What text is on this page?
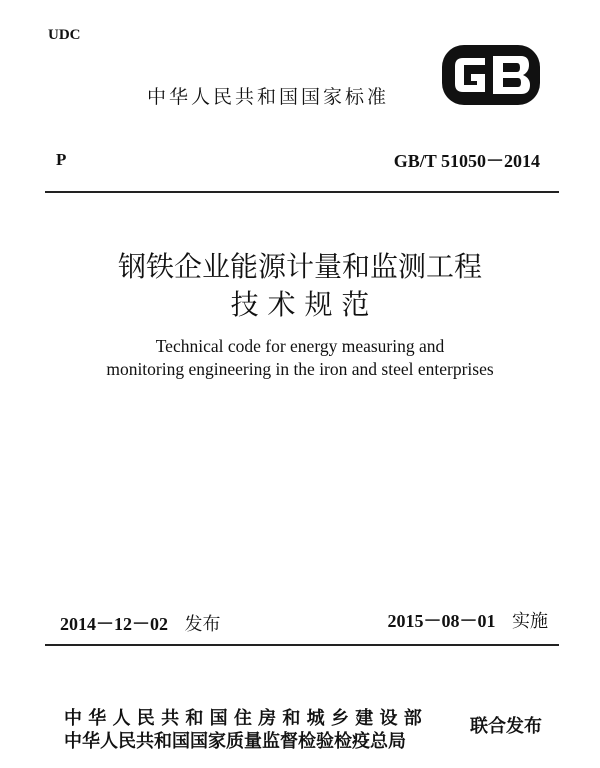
UDC
中华人民共和国国家标准
P	GB/T 51050－2014
钢铁企业能源计量和监测工程
技 术 规 范
Technical code for energy measuring and
monitoring engineering in the iron and steel enterprises
2014－12－02 发布	2015－08－01 实施
中 华 人 民 共 和 国 住 房 和 城 乡 建 设 部
中华人民共和国国家质量监督检验检疫总局
联合发布
